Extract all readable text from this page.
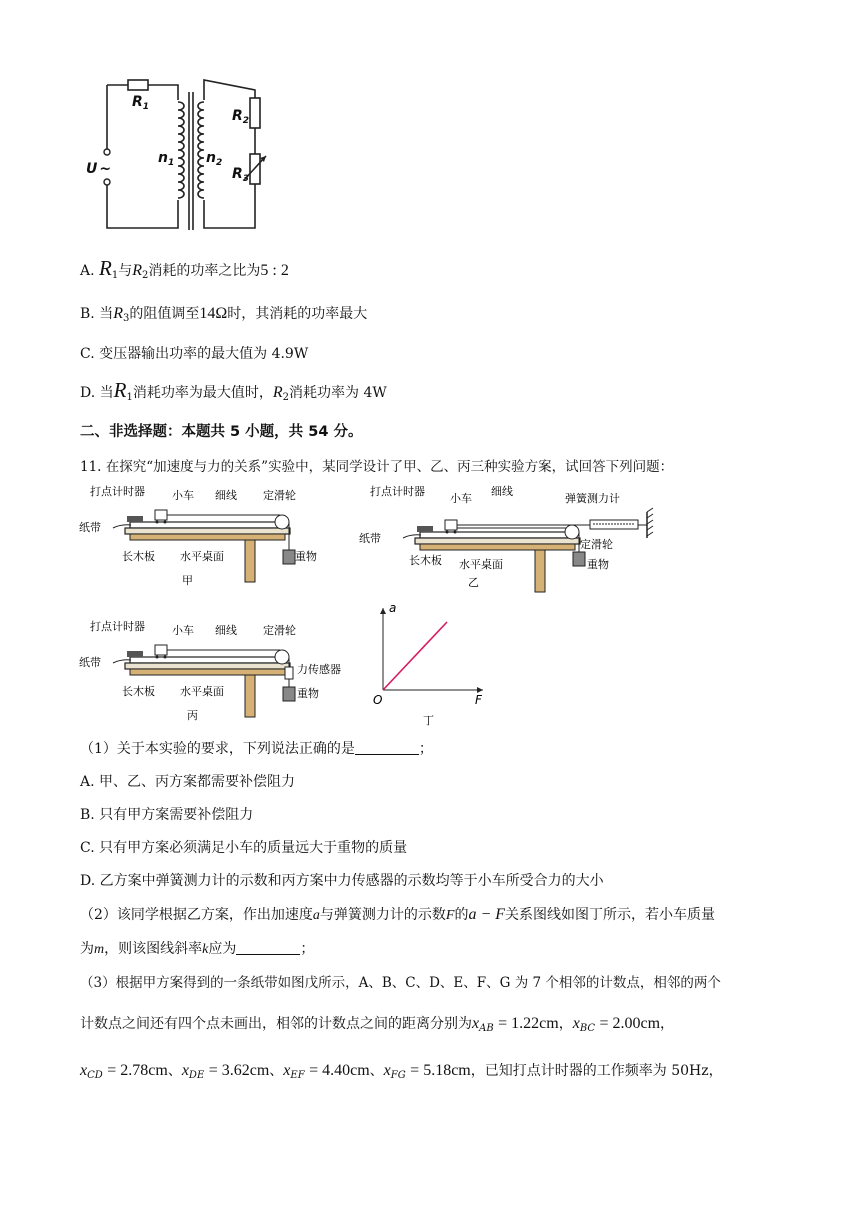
U ~
$R_1$
$n_1$ $n_2$
$R_2$
$R_3$
A. $R_1$与$R_2$消耗的功率之比为5 : 2
B. 当$R_3$的阻值调至14Ω时，其消耗的功率最大
C. 变压器输出功率的最大值为 4.9W
D. 当$R_1$消耗功率为最大值时，$R_2$消耗功率为 4W
二、非选择题：本题共 5 小题，共 54 分。
11. 在探究“加速度与力的关系”实验中，某同学设计了甲、乙、丙三种实验方案，试回答下列问题：
打点计时器 小车 细线 定滑轮
纸带
长木板 水平桌面	重物
甲
打点计时器
小车
细线
弹簧测力计
定滑轮
纸带
长木板 水平桌面	重物
乙
打点计时器 小车 细线 定滑轮
纸带
长木板 水平桌面
力传感器
重物
丙
a
O	F
丁
（1）关于本实验的要求，下列说法正确的是	；
A. 甲、乙、丙方案都需要补偿阻力
B. 只有甲方案需要补偿阻力
C. 只有甲方案必须满足小车的质量远大于重物的质量
D. 乙方案中弹簧测力计的示数和丙方案中力传感器的示数均等于小车所受合力的大小
（2）该同学根据乙方案，作出加速度a与弹簧测力计的示数F的a − F关系图线如图丁所示，若小车质量
为m，则该图线斜率k应为	；
（3）根据甲方案得到的一条纸带如图戊所示，A、B、C、D、E、F、G 为 7 个相邻的计数点，相邻的两个
计数点之间还有四个点未画出，相邻的计数点之间的距离分别为$x_{AB} = 1.22cm$，$x_{BC} = 2.00cm$，
$x_{CD} = 2.78cm$、$x_{DE} = 3.62cm$、$x_{EF} = 4.40cm$、$x_{FG} = 5.18cm$，已知打点计时器的工作频率为 50Hz，
